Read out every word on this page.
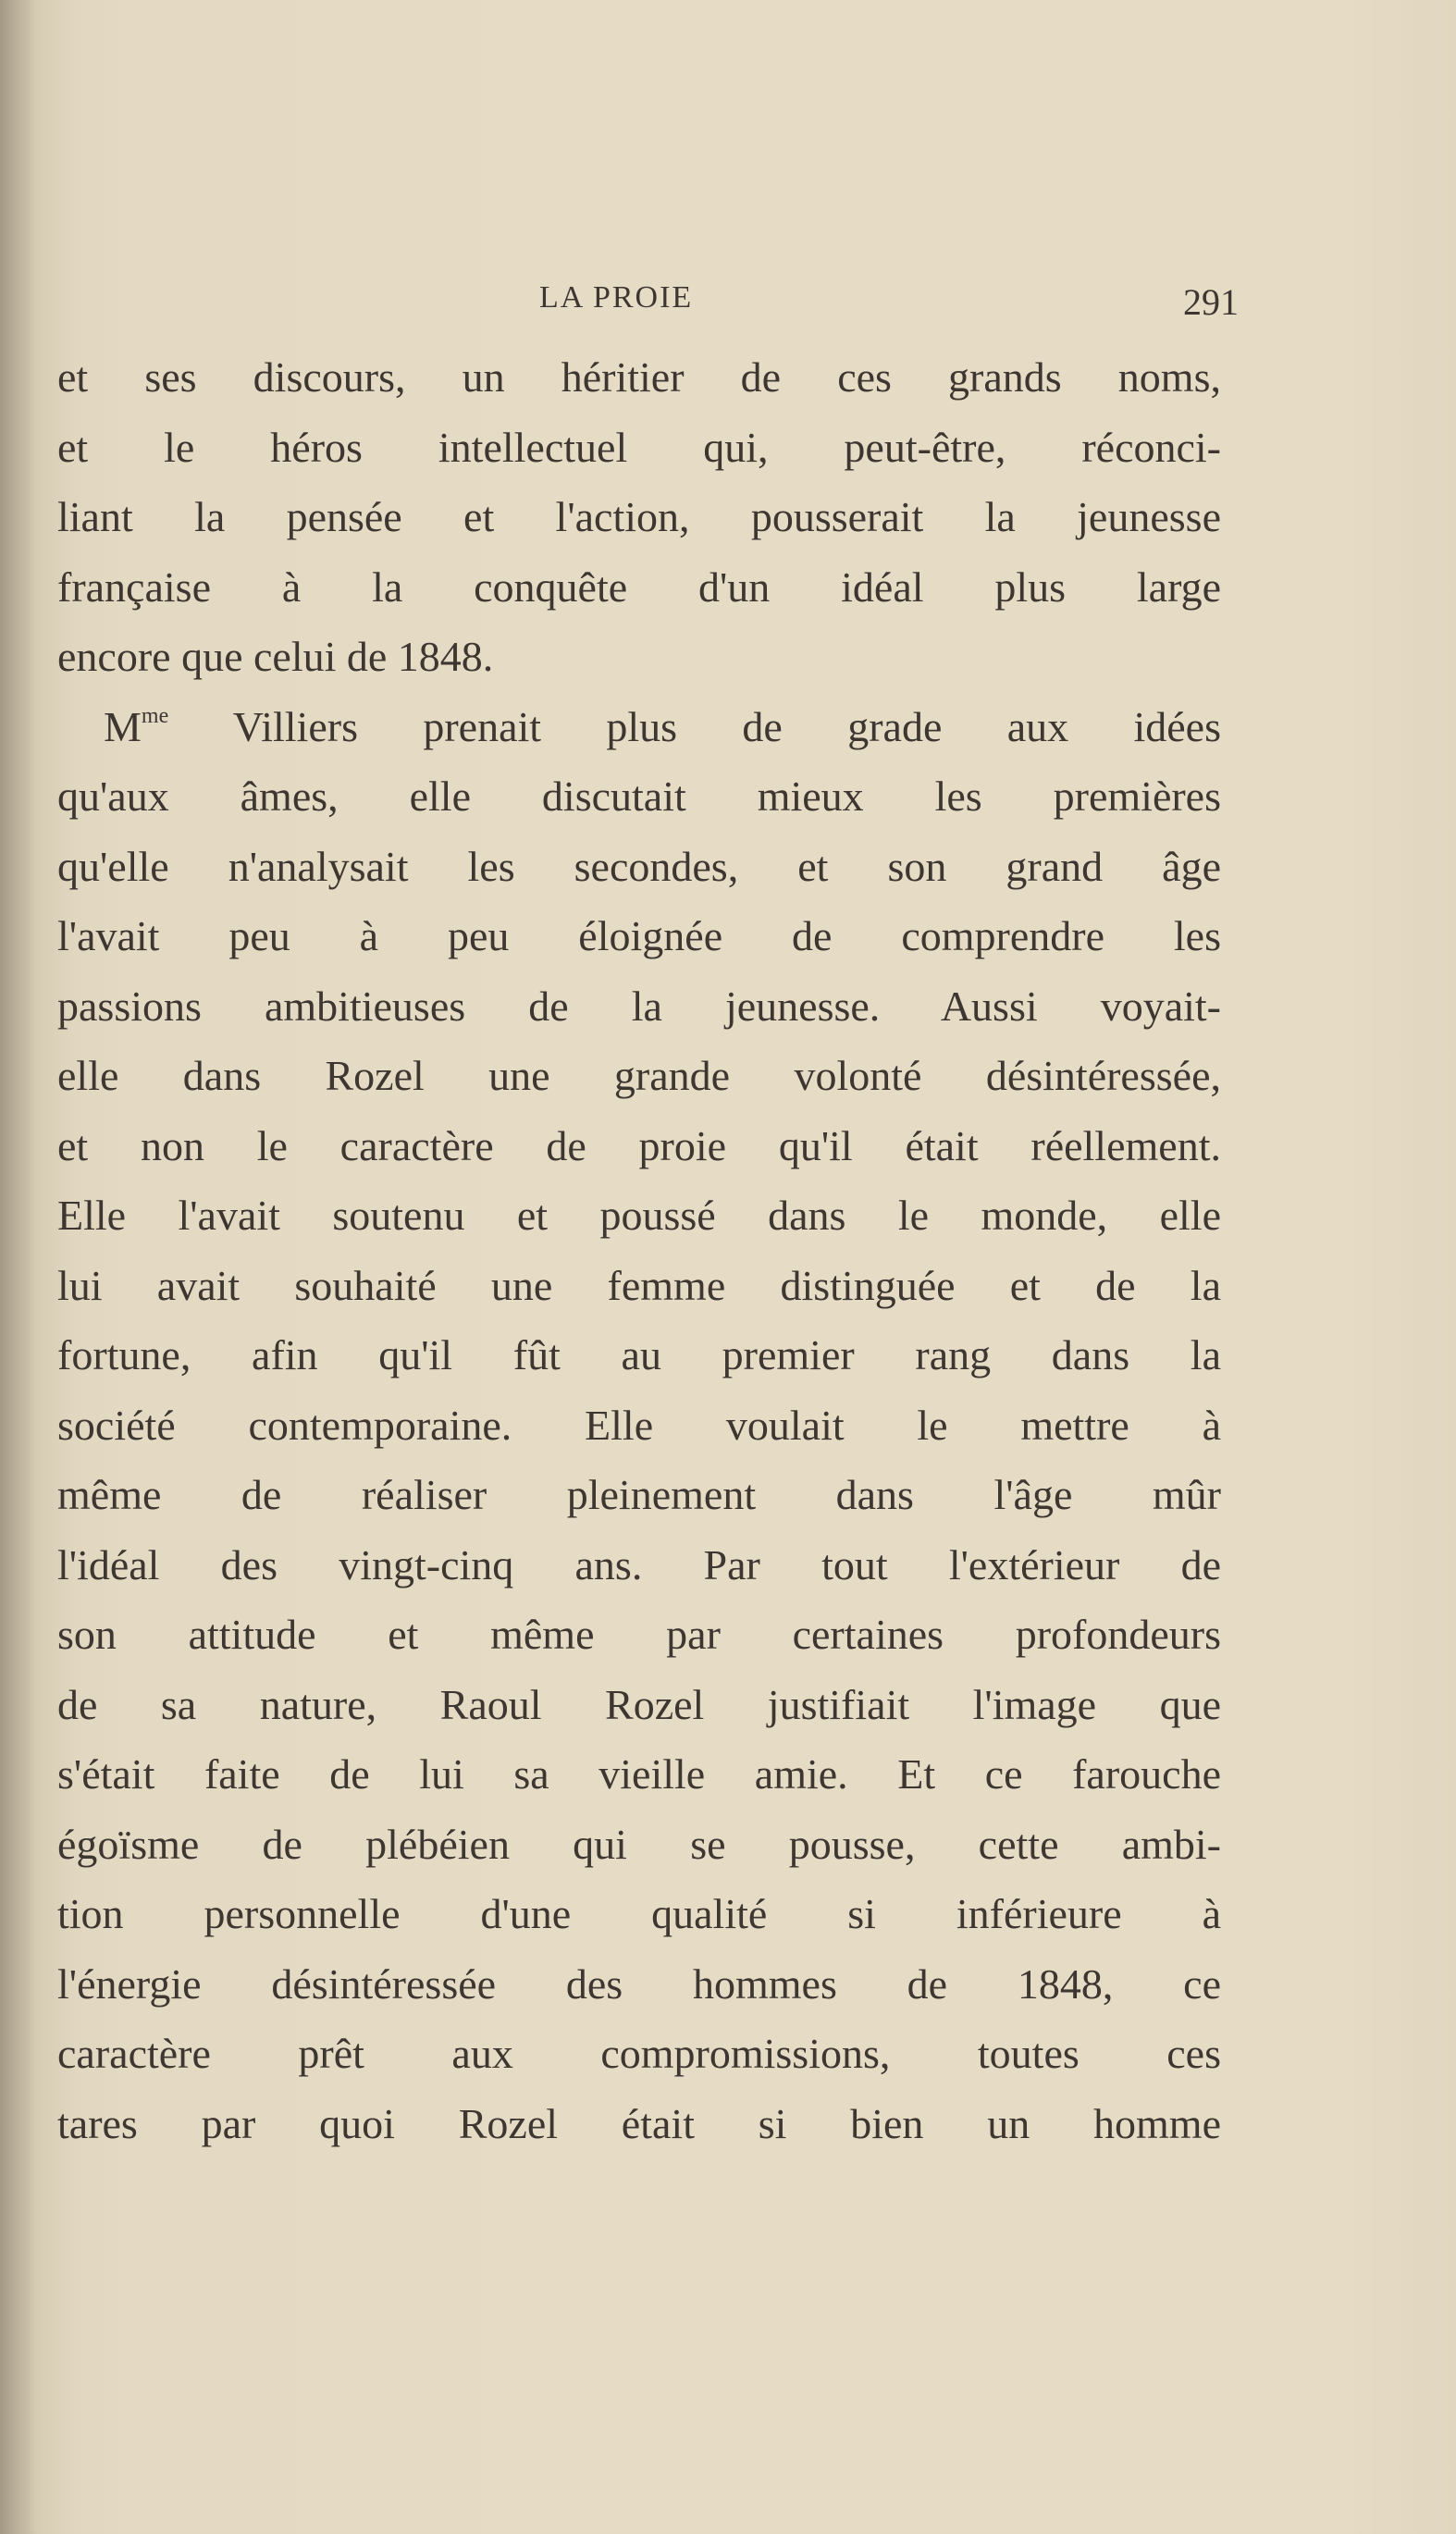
LA PROIE	291
et ses discours, un héritier de ces grands noms,
et le héros intellectuel qui, peut-être, réconci-
liant la pensée et l'action, pousserait la jeunesse
française à la conquête d'un idéal plus large
encore que celui de 1848.
$M^{me}$ Villiers prenait plus de grade aux idées
qu'aux âmes, elle discutait mieux les premières
qu'elle n'analysait les secondes, et son grand âge
l'avait peu à peu éloignée de comprendre les
passions ambitieuses de la jeunesse. Aussi voyait-
elle dans Rozel une grande volonté désintéressée,
et non le caractère de proie qu'il était réellement.
Elle l'avait soutenu et poussé dans le monde, elle
lui avait souhaité une femme distinguée et de la
fortune, afin qu'il fût au premier rang dans la
société contemporaine. Elle voulait le mettre à
même de réaliser pleinement dans l'âge mûr
l'idéal des vingt-cinq ans. Par tout l'extérieur de
son attitude et même par certaines profondeurs
de sa nature, Raoul Rozel justifiait l'image que
s'était faite de lui sa vieille amie. Et ce farouche
égoïsme de plébéien qui se pousse, cette ambi-
tion personnelle d'une qualité si inférieure à
l'énergie désintéressée des hommes de 1848, ce
caractère prêt aux compromissions, toutes ces
tares par quoi Rozel était si bien un homme
